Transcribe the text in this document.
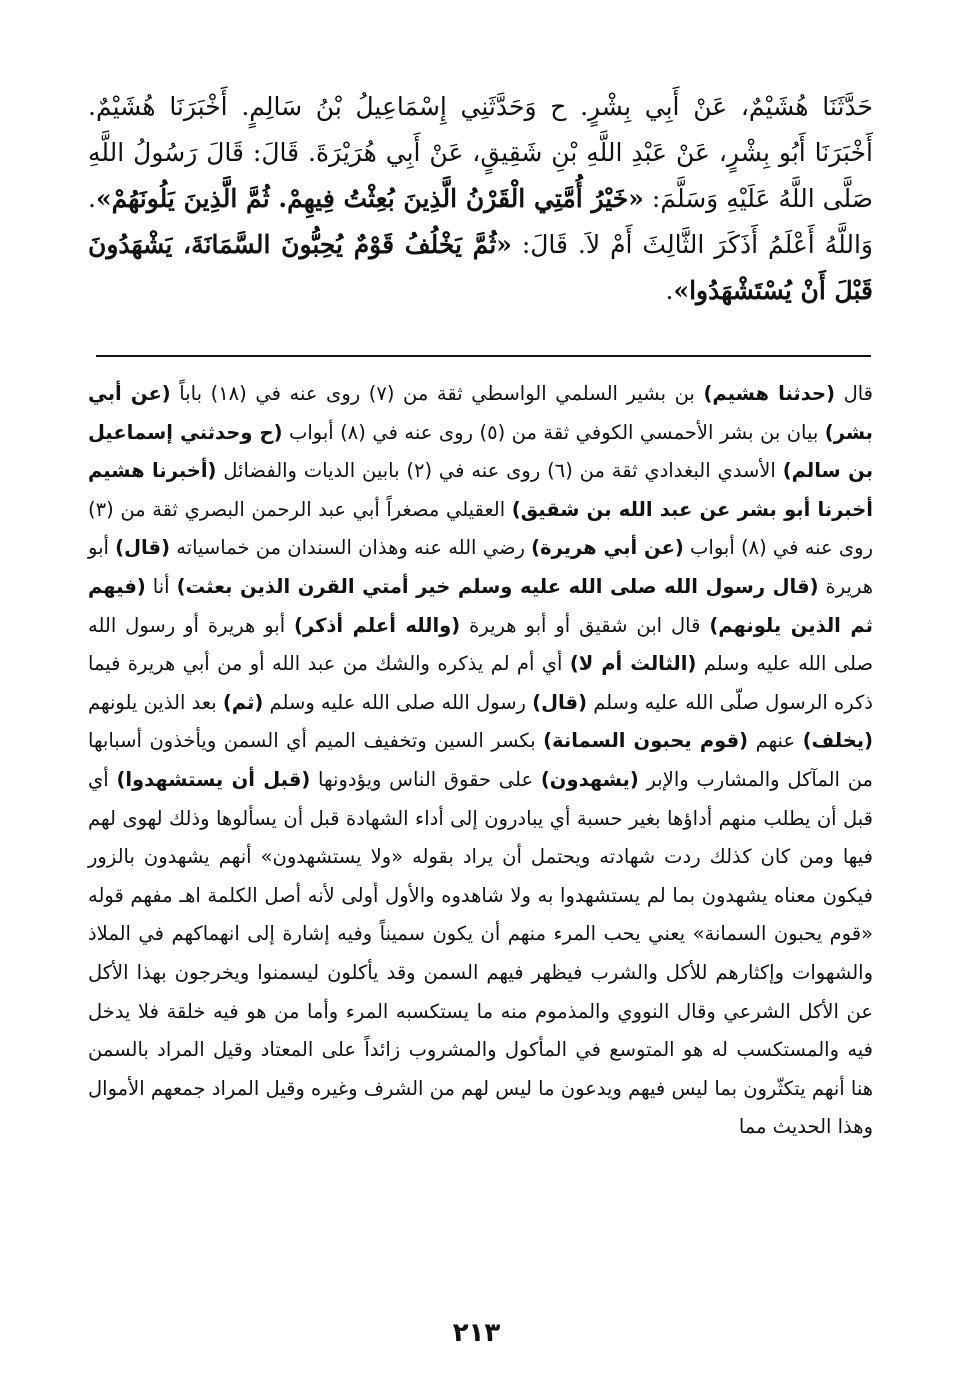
حَدَّثَنَا هُشَيْمٌ، عَنْ أَبِي بِشْرٍ. ح وَحَدَّثَنِي إِسْمَاعِيلُ بْنُ سَالِمٍ. أَخْبَرَنَا هُشَيْمٌ. أَخْبَرَنَا أَبُو بِشْرٍ، عَنْ عَبْدِ اللَّهِ بْنِ شَقِيقٍ، عَنْ أَبِي هُرَيْرَةَ. قَالَ: قَالَ رَسُولُ اللَّهِ صَلَّى اللَّهُ عَلَيْهِ وَسَلَّمَ: «خَيْرُ أُمَّتِي الْقَرْنُ الَّذِينَ بُعِثْتُ فِيهِمْ. ثُمَّ الَّذِينَ يَلُونَهُمْ». وَاللَّهُ أَعْلَمُ أَذَكَرَ الثَّالِثَ أَمْ لاَ. قَالَ: «ثُمَّ يَخْلُفُ قَوْمٌ يُحِبُّونَ السَّمَانَةَ، يَشْهَدُونَ قَبْلَ أَنْ يُسْتَشْهَدُوا».

قال (حدثنا هشيم) بن بشير السلمي الواسطي ثقة من (٧) روى عنه في (١٨) باباً (عن أبي بشر) بيان بن بشر الأحمسي الكوفي ثقة من (٥) روى عنه في (٨) أبواب (ح وحدثني إسماعيل بن سالم) الأسدي البغدادي ثقة من (٦) روى عنه في (٢) بابين الديات والفضائل (أخبرنا هشيم أخبرنا أبو بشر عن عبد الله بن شقيق) العقيلي مصغراً أبي عبد الرحمن البصري ثقة من (٣) روى عنه في (٨) أبواب (عن أبي هريرة) رضي الله عنه وهذان السندان من خماسياته (قال) أبو هريرة (قال رسول الله صلى الله عليه وسلم خير أمتي القرن الذين بعثت) أنا (فيهم ثم الذين يلونهم) قال ابن شقيق أو أبو هريرة (والله أعلم أذكر) أبو هريرة أو رسول الله صلى الله عليه وسلم (الثالث أم لا) أي أم لم يذكره والشك من عبد الله أو من أبي هريرة فيما ذكره الرسول صلّى الله عليه وسلم (قال) رسول الله صلى الله عليه وسلم (ثم) بعد الذين يلونهم (يخلف) عنهم (قوم يحبون السمانة) بكسر السين وتخفيف الميم أي السمن ويأخذون أسبابها من المآكل والمشارب والإبر (يشهدون) على حقوق الناس ويؤدونها (قبل أن يستشهدوا) أي قبل أن يطلب منهم أداؤها بغير حسبة أي يبادرون إلى أداء الشهادة قبل أن يسألوها وذلك لهوى لهم فيها ومن كان كذلك ردت شهادته ويحتمل أن يراد بقوله «ولا يستشهدون» أنهم يشهدون بالزور فيكون معناه يشهدون بما لم يستشهدوا به ولا شاهدوه والأول أولى لأنه أصل الكلمة اهـ مفهم قوله «قوم يحبون السمانة» يعني يحب المرء منهم أن يكون سميناً وفيه إشارة إلى انهماكهم في الملاذ والشهوات وإكثارهم للأكل والشرب فيظهر فيهم السمن وقد يأكلون ليسمنوا ويخرجون بهذا الأكل عن الأكل الشرعي وقال النووي والمذموم منه ما يستكسبه المرء وأما من هو فيه خلقة فلا يدخل فيه والمستكسب له هو المتوسع في المأكول والمشروب زائداً على المعتاد وقيل المراد بالسمن هنا أنهم يتكثّرون بما ليس فيهم ويدعون ما ليس لهم من الشرف وغيره وقيل المراد جمعهم الأموال وهذا الحديث مما

٢١٣
